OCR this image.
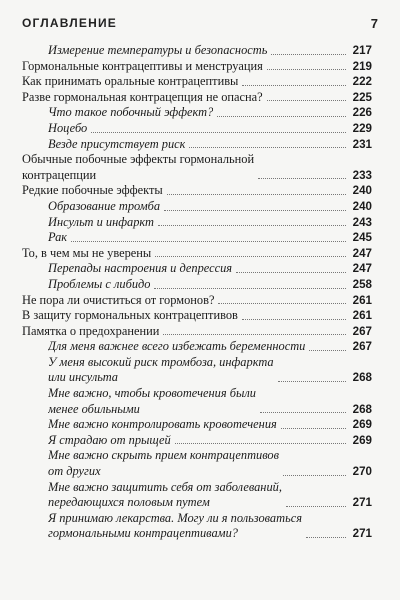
ОГЛАВЛЕНИЕ	7
Измерение температуры и безопасность	217
Гормональные контрацептивы и менструация	219
Как принимать оральные контрацептивы	222
Разве гормональная контрацепция не опасна?	225
Что такое побочный эффект?	226
Ноцебо	229
Везде присутствует риск	231
Обычные побочные эффекты гормональной
контрацепции	233
Редкие побочные эффекты	240
Образование тромба	240
Инсульт и инфаркт	243
Рак	245
То, в чем мы не уверены	247
Перепады настроения и депрессия	247
Проблемы с либидо	258
Не пора ли очиститься от гормонов?	261
В защиту гормональных контрацептивов	261
Памятка о предохранении	267
Для меня важнее всего избежать беременности	267
У меня высокий риск тромбоза, инфаркта
или инсульта	268
Мне важно, чтобы кровотечения были
менее обильными	268
Мне важно контролировать кровотечения	269
Я страдаю от прыщей	269
Мне важно скрыть прием контрацептивов
от других	270
Мне важно защитить себя от заболеваний,
передающихся половым путем	271
Я принимаю лекарства. Могу ли я пользоваться
гормональными контрацептивами?	271
